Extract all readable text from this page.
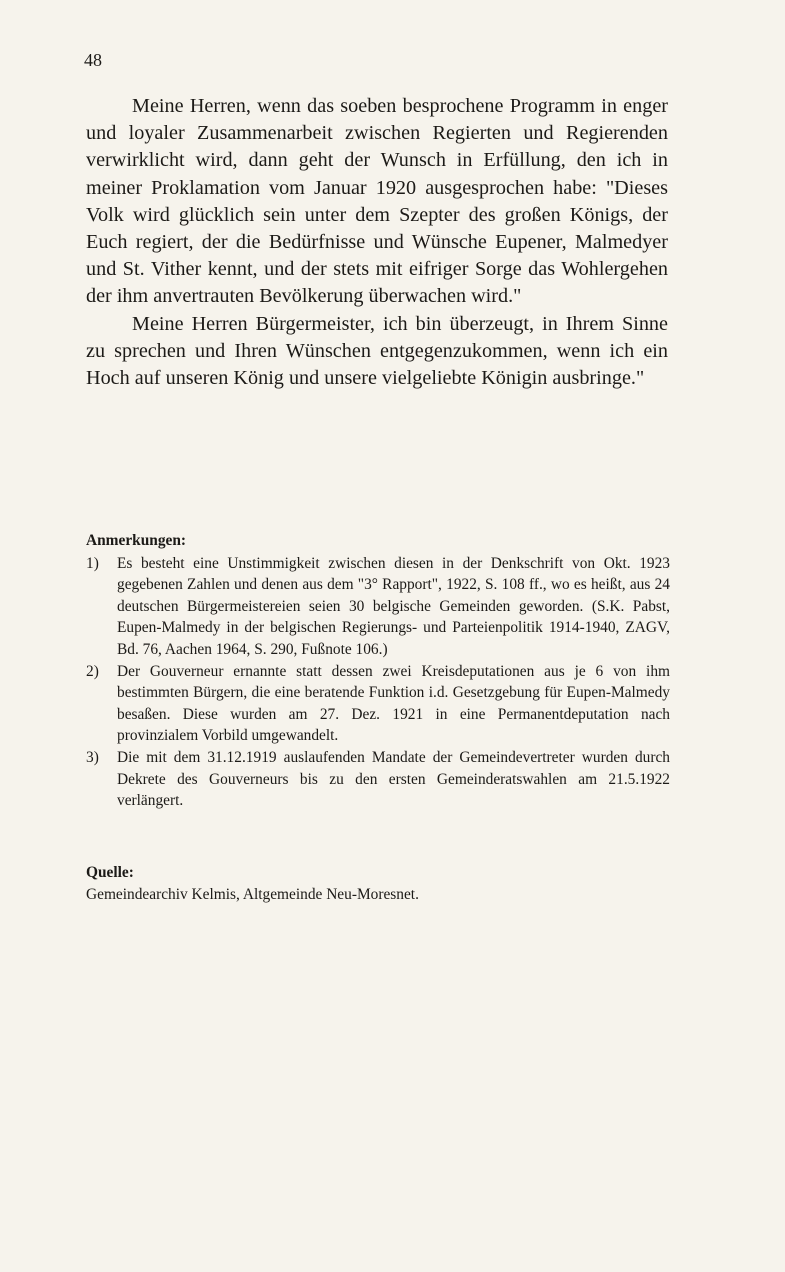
48

Meine Herren, wenn das soeben besprochene Programm in enger und loyaler Zusammenarbeit zwischen Regierten und Regierenden verwirklicht wird, dann geht der Wunsch in Erfüllung, den ich in meiner Proklamation vom Januar 1920 ausgesprochen habe: "Dieses Volk wird glücklich sein unter dem Szepter des großen Königs, der Euch regiert, der die Bedürfnisse und Wünsche Eupener, Malmedyer und St. Vither kennt, und der stets mit eifriger Sorge das Wohlergehen der ihm anvertrauten Bevölkerung überwachen wird."

Meine Herren Bürgermeister, ich bin überzeugt, in Ihrem Sinne zu sprechen und Ihren Wünschen entgegenzukommen, wenn ich ein Hoch auf unseren König und unsere vielgeliebte Königin ausbringe."

Anmerkungen:

1)	Es besteht eine Unstimmigkeit zwischen diesen in der Denkschrift von Okt. 1923 gegebenen Zahlen und denen aus dem "3° Rapport", 1922, S. 108 ff., wo es heißt, aus 24 deutschen Bürgermeistereien seien 30 belgische Gemeinden geworden. (S.K. Pabst, Eupen-Malmedy in der belgischen Regierungs- und Parteienpolitik 1914-1940, ZAGV, Bd. 76, Aachen 1964, S. 290, Fußnote 106.)
2)	Der Gouverneur ernannte statt dessen zwei Kreisdeputationen aus je 6 von ihm bestimmten Bürgern, die eine beratende Funktion i.d. Gesetzgebung für Eupen-Malmedy besaßen. Diese wurden am 27. Dez. 1921 in eine Permanentdeputation nach provinzialem Vorbild umgewandelt.
3)	Die mit dem 31.12.1919 auslaufenden Mandate der Gemeindevertreter wurden durch Dekrete des Gouverneurs bis zu den ersten Gemeinderatswahlen am 21.5.1922 verlängert.

Quelle:

Gemeindearchiv Kelmis, Altgemeinde Neu-Moresnet.
